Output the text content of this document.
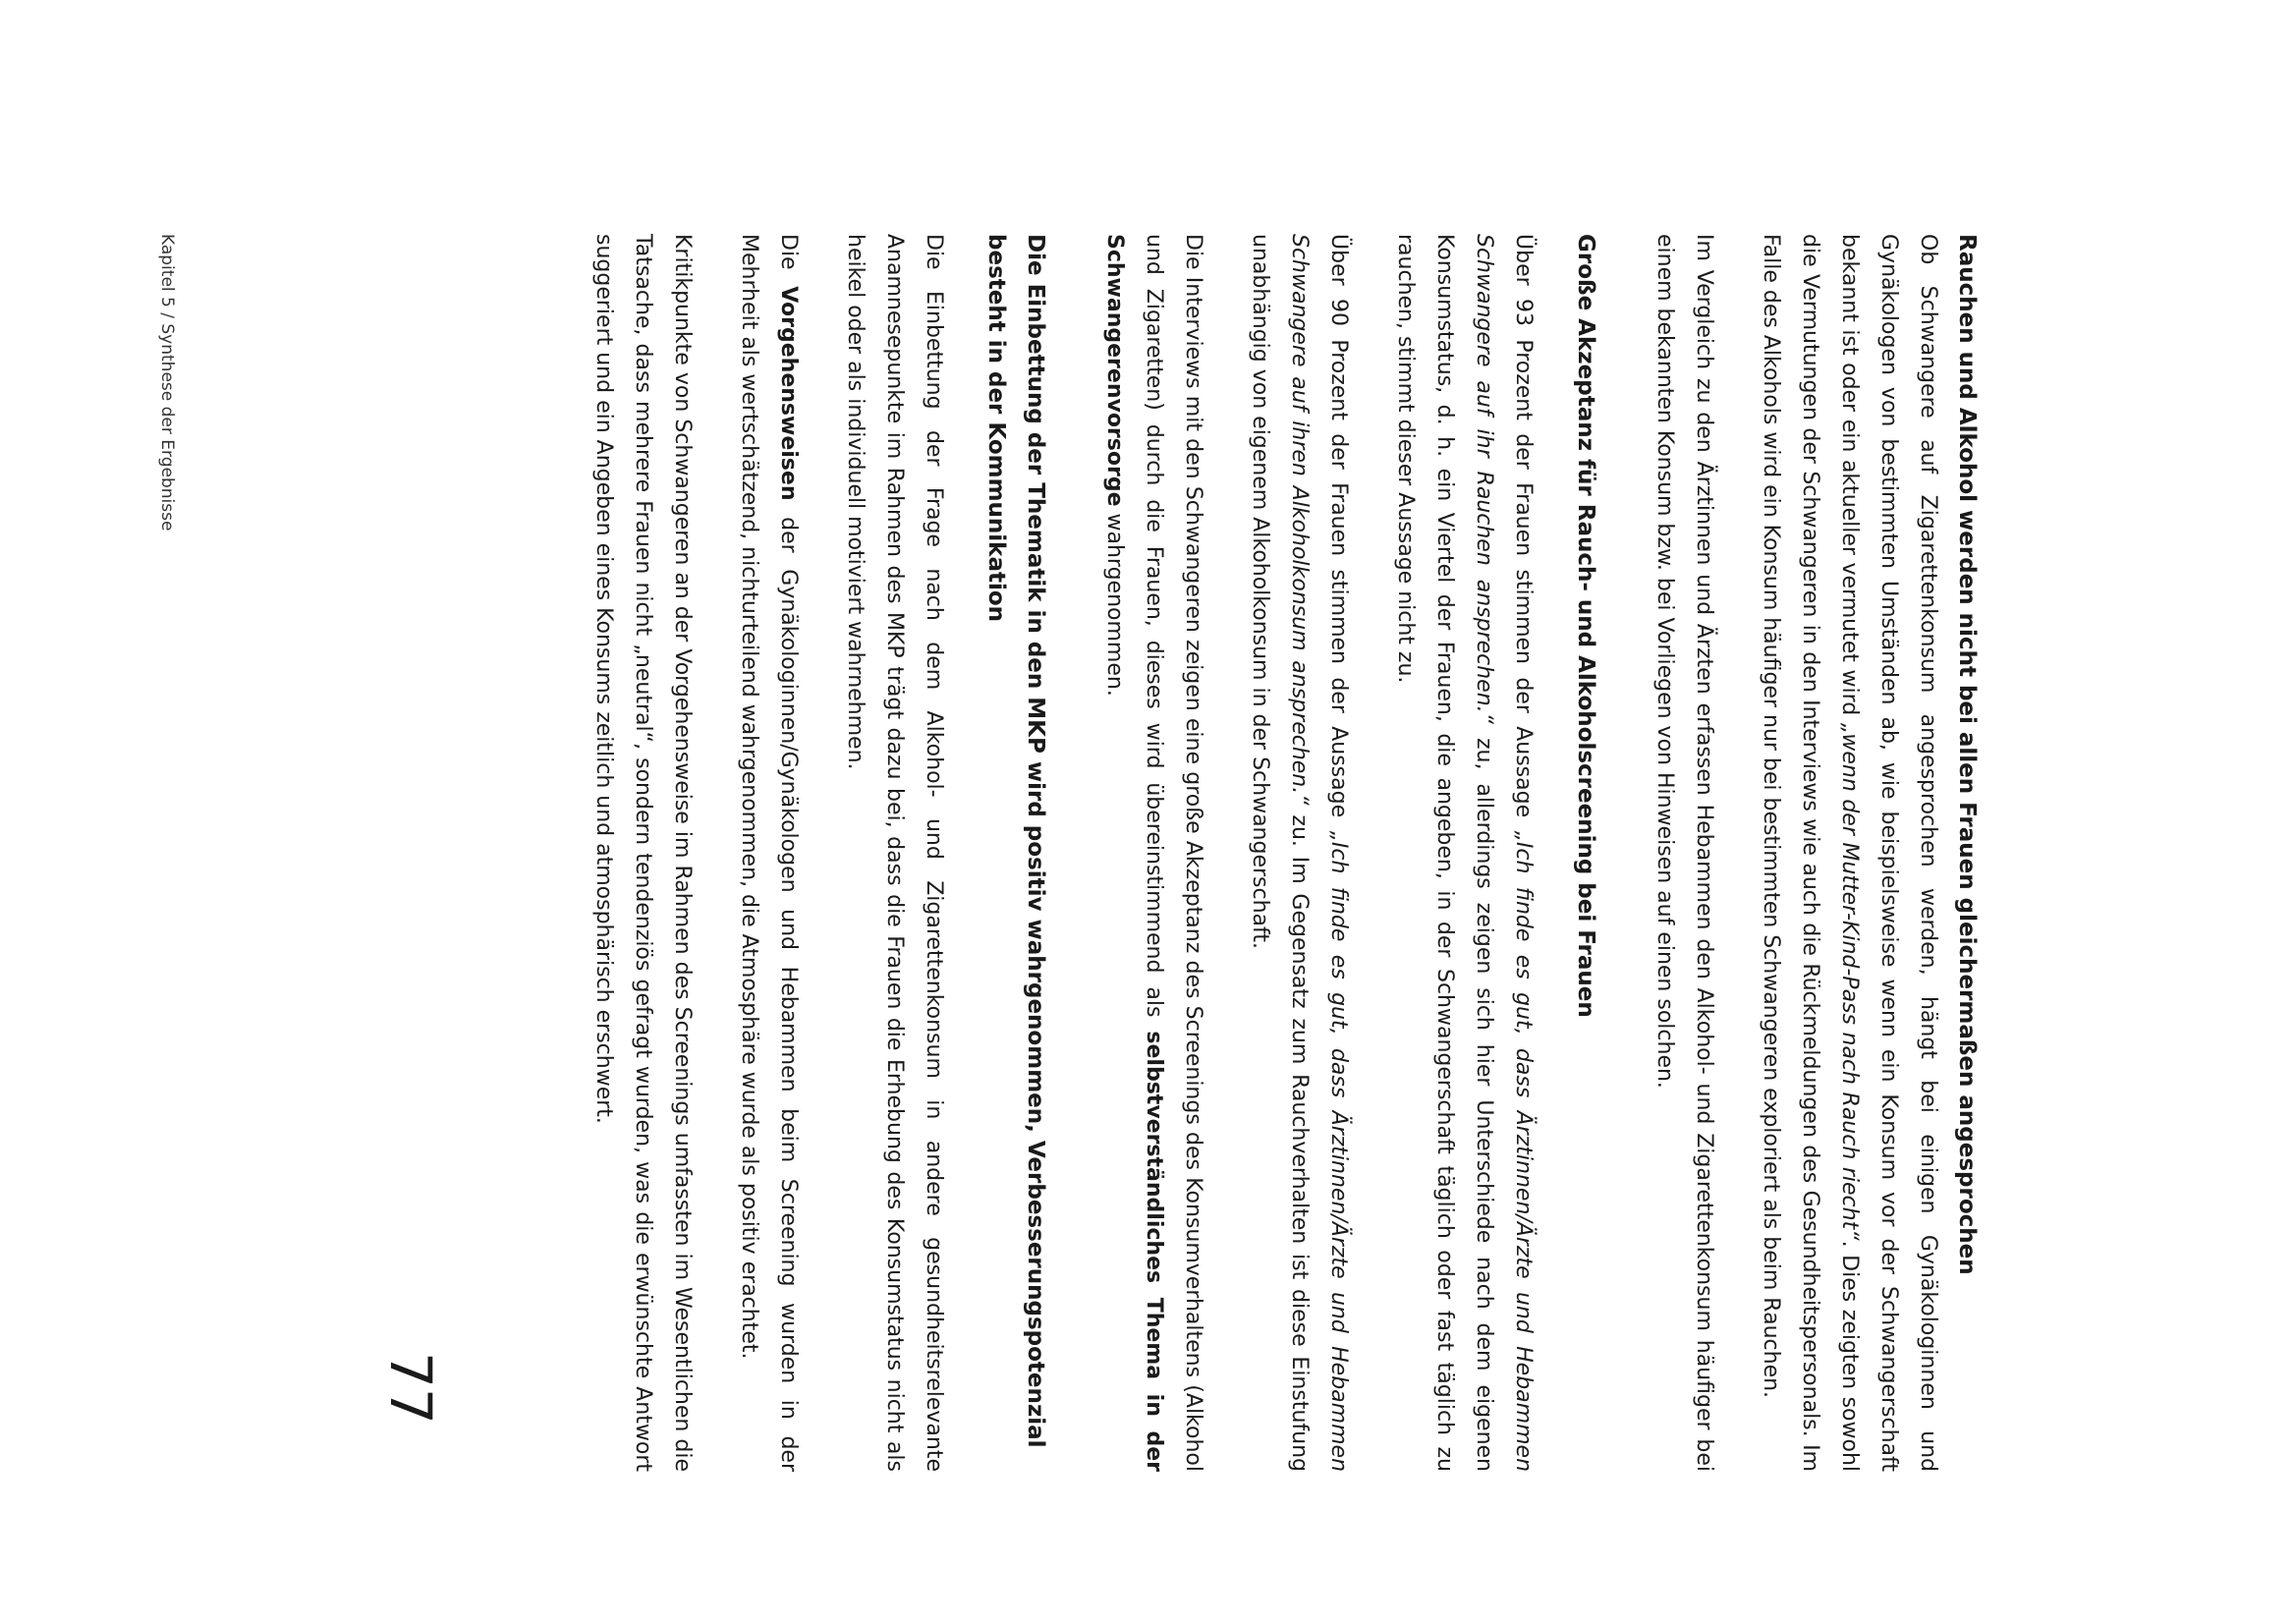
Rauchen und Alkohol werden nicht bei allen Frauen gleichermaßen angesprochen

Ob Schwangere auf Zigarettenkonsum angesprochen werden, hängt bei einigen Gynäkologinnen und Gynäkologen von bestimmten Umständen ab, wie beispielsweise wenn ein Konsum vor der Schwangerschaft bekannt ist oder ein aktueller vermutet wird „wenn der Mutter-Kind-Pass nach Rauch riecht“. Dies zeigten sowohl die Vermutungen der Schwangeren in den Interviews wie auch die Rückmeldungen des Gesundheitspersonals. Im Falle des Alkohols wird ein Konsum häufiger nur bei bestimmten Schwangeren exploriert als beim Rauchen.

Im Vergleich zu den Ärztinnen und Ärzten erfassen Hebammen den Alkohol- und Zigarettenkonsum häufiger bei einem bekannten Konsum bzw. bei Vorliegen von Hinweisen auf einen solchen.

Große Akzeptanz für Rauch- und Alkoholscreening bei Frauen

Über 93 Prozent der Frauen stimmen der Aussage „Ich finde es gut, dass Ärztinnen/Ärzte und Hebammen Schwangere auf ihr Rauchen ansprechen.“ zu, allerdings zeigen sich hier Unterschiede nach dem eigenen Konsumstatus, d. h. ein Viertel der Frauen, die angeben, in der Schwangerschaft täglich oder fast täglich zu rauchen, stimmt dieser Aussage nicht zu.

Über 90 Prozent der Frauen stimmen der Aussage „Ich finde es gut, dass Ärztinnen/Ärzte und Hebammen Schwangere auf ihren Alkoholkonsum ansprechen.“ zu. Im Gegensatz zum Rauchverhalten ist diese Einstufung unabhängig von eigenem Alkoholkonsum in der Schwangerschaft.

Die Interviews mit den Schwangeren zeigen eine große Akzeptanz des Screenings des Konsumverhaltens (Alkohol und Zigaretten) durch die Frauen, dieses wird übereinstimmend als selbstverständliches Thema in der Schwangerenvorsorge wahrgenommen.

Die Einbettung der Thematik in den MKP wird positiv wahrgenommen, Verbesserungspotenzial besteht in der Kommunikation

Die Einbettung der Frage nach dem Alkohol- und Zigarettenkonsum in andere gesundheitsrelevante Anamnesepunkte im Rahmen des MKP trägt dazu bei, dass die Frauen die Erhebung des Konsumstatus nicht als heikel oder als individuell motiviert wahrnehmen.

Die Vorgehensweisen der Gynäkologinnen/Gynäkologen und Hebammen beim Screening wurden in der Mehrheit als wertschätzend, nichturteilend wahrgenommen, die Atmosphäre wurde als positiv erachtet.

Kritikpunkte von Schwangeren an der Vorgehensweise im Rahmen des Screenings umfassten im Wesentlichen die Tatsache, dass mehrere Frauen nicht „neutral“, sondern tendenziös gefragt wurden, was die erwünschte Antwort suggeriert und ein Angeben eines Konsums zeitlich und atmosphärisch erschwert.

77
Kapitel 5 / Synthese der Ergebnisse
